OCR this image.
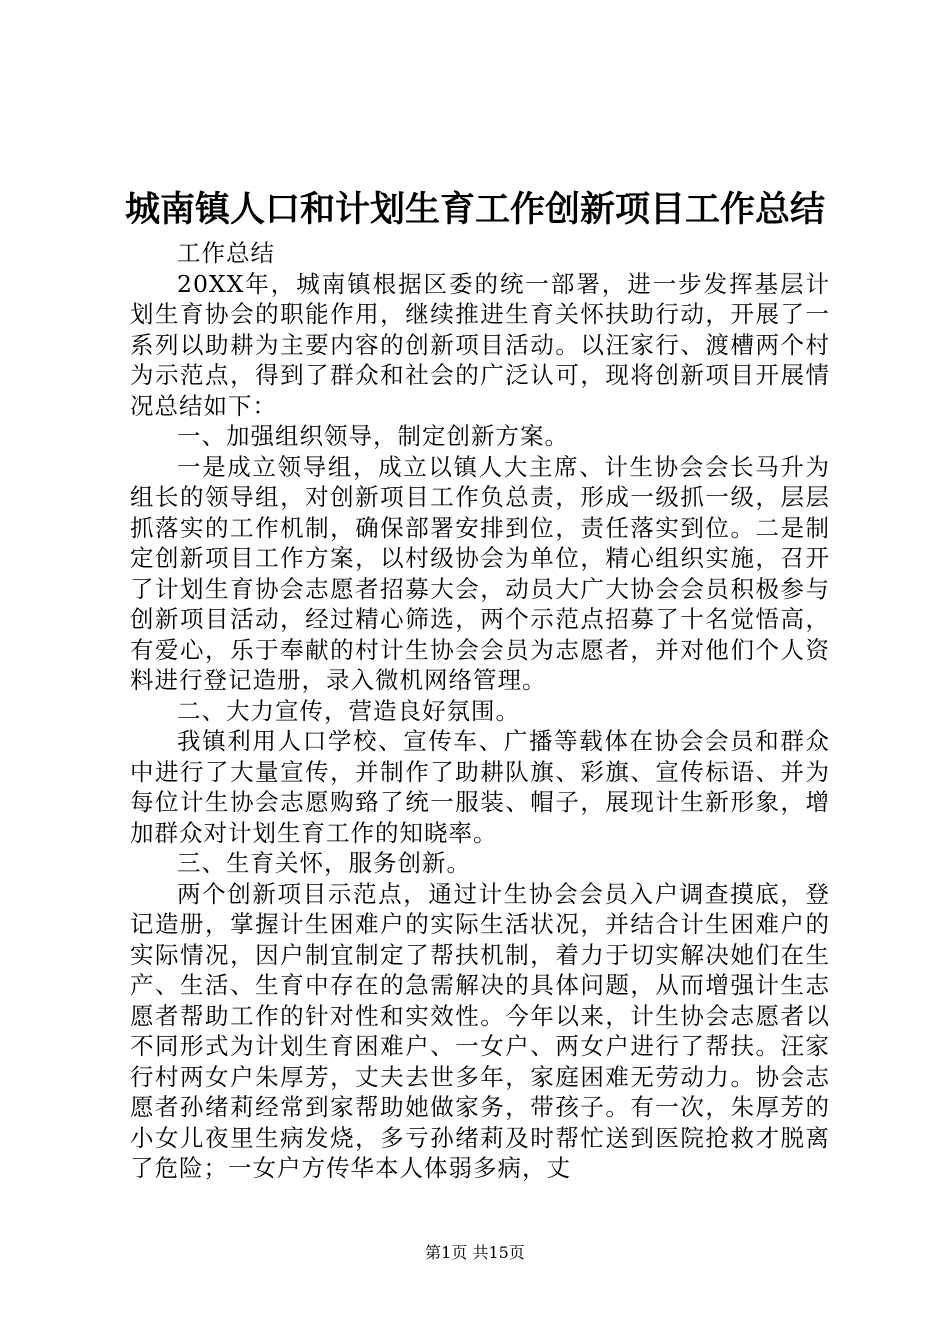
城南镇人口和计划生育工作创新项目工作总结

工作总结

20XX年，城南镇根据区委的统一部署，进一步发挥基层计划生育协会的职能作用，继续推进生育关怀扶助行动，开展了一系列以助耕为主要内容的创新项目活动。以汪家行、渡槽两个村为示范点，得到了群众和社会的广泛认可，现将创新项目开展情况总结如下：

一、加强组织领导，制定创新方案。

一是成立领导组，成立以镇人大主席、计生协会会长马升为组长的领导组，对创新项目工作负总责，形成一级抓一级，层层抓落实的工作机制，确保部署安排到位，责任落实到位。二是制定创新项目工作方案，以村级协会为单位，精心组织实施，召开了计划生育协会志愿者招募大会，动员大广大协会会员积极参与创新项目活动，经过精心筛选，两个示范点招募了十名觉悟高，有爱心，乐于奉献的村计生协会会员为志愿者，并对他们个人资料进行登记造册，录入微机网络管理。

二、大力宣传，营造良好氛围。

我镇利用人口学校、宣传车、广播等载体在协会会员和群众中进行了大量宣传，并制作了助耕队旗、彩旗、宣传标语、并为每位计生协会志愿购臵了统一服装、帽子，展现计生新形象，增加群众对计划生育工作的知晓率。

三、生育关怀，服务创新。

两个创新项目示范点，通过计生协会会员入户调查摸底，登记造册，掌握计生困难户的实际生活状况，并结合计生困难户的实际情况，因户制宜制定了帮扶机制，着力于切实解决她们在生产、生活、生育中存在的急需解决的具体问题，从而增强计生志愿者帮助工作的针对性和实效性。今年以来，计生协会志愿者以不同形式为计划生育困难户、一女户、两女户进行了帮扶。汪家行村两女户朱厚芳，丈夫去世多年，家庭困难无劳动力。协会志愿者孙绪莉经常到家帮助她做家务，带孩子。有一次，朱厚芳的小女儿夜里生病发烧，多亏孙绪莉及时帮忙送到医院抢救才脱离了危险；一女户方传华本人体弱多病，丈

第1页 共15页
